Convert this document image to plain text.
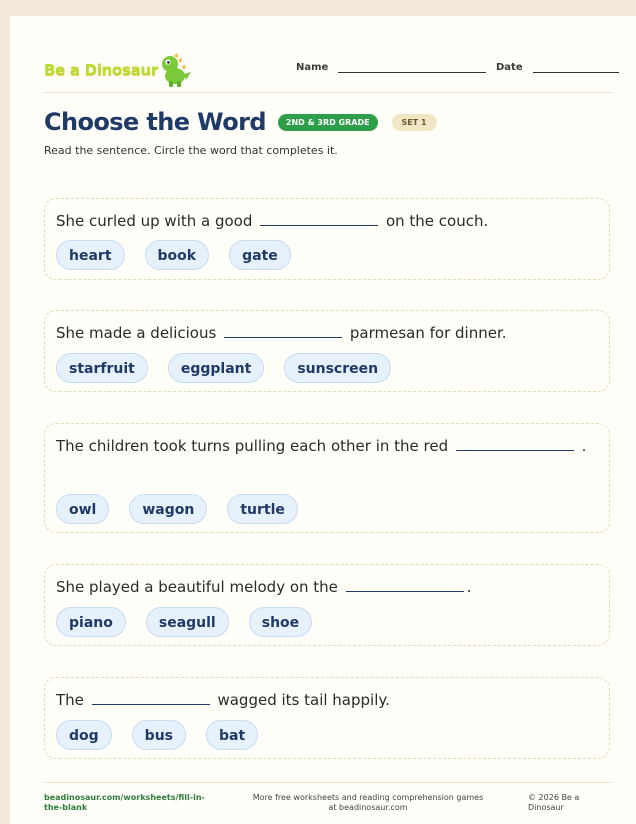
Be a Dinosaur	Name	Date
Choose the Word	2ND & 3RD GRADE	SET 1
Read the sentence. Circle the word that completes it.
She curled up with a good	on the couch.
heart	book	gate
She made a delicious	parmesan for dinner.
starfruit	eggplant	sunscreen
The children took turns pulling each other in the red	.
owl	wagon	turtle
She played a beautiful melody on the	.
piano	seagull	shoe
The	wagged its tail happily.
dog	bus	bat
beadinosaur.com/worksheets/fill-in-the-blank
More free worksheets and reading comprehension games at beadinosaur.com
© 2026 Be a Dinosaur
